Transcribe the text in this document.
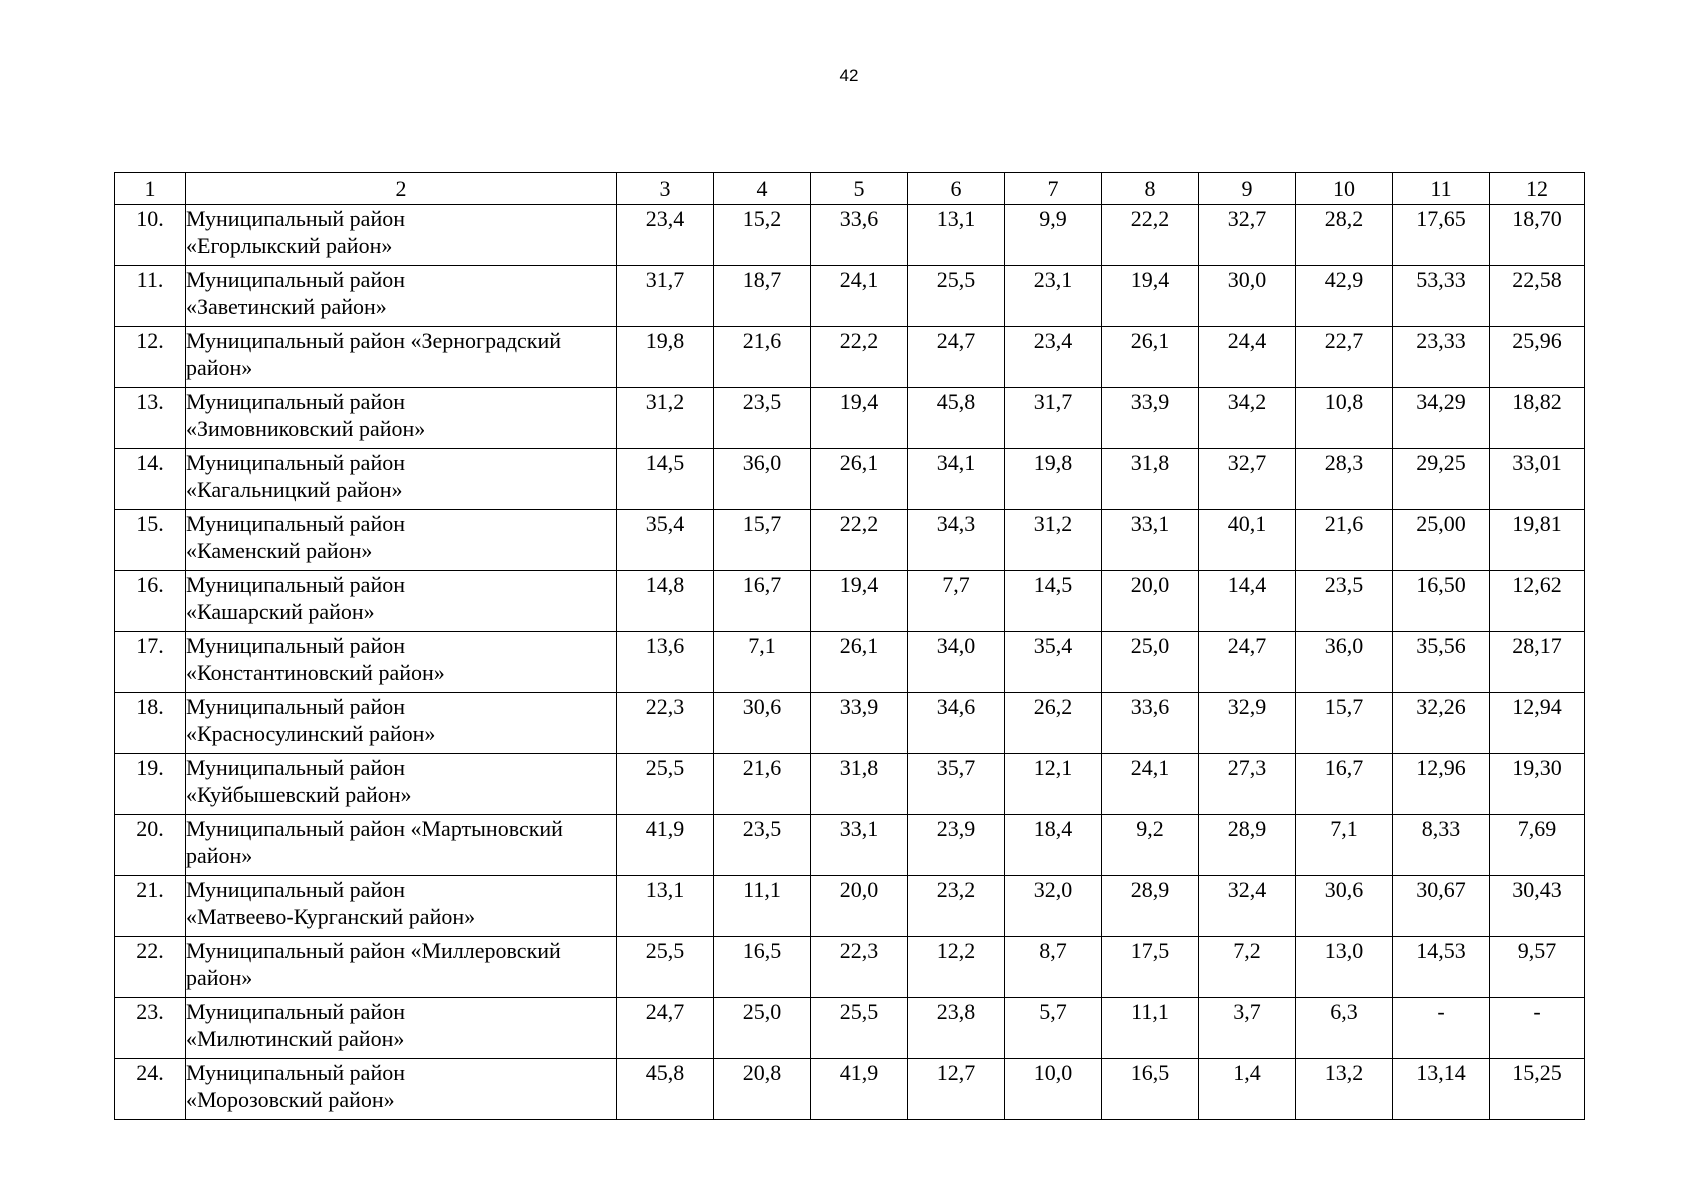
42
1	2	3	4	5	6	7	8	9	10	11	12
10.	Муниципальный район
«Егорлыкский район»	23,4	15,2	33,6	13,1	9,9	22,2	32,7	28,2	17,65	18,70
11.	Муниципальный район
«Заветинский район»	31,7	18,7	24,1	25,5	23,1	19,4	30,0	42,9	53,33	22,58
12.	Муниципальный район «Зерноградский
район»	19,8	21,6	22,2	24,7	23,4	26,1	24,4	22,7	23,33	25,96
13.	Муниципальный район
«Зимовниковский район»	31,2	23,5	19,4	45,8	31,7	33,9	34,2	10,8	34,29	18,82
14.	Муниципальный район
«Кагальницкий район»	14,5	36,0	26,1	34,1	19,8	31,8	32,7	28,3	29,25	33,01
15.	Муниципальный район
«Каменский район»	35,4	15,7	22,2	34,3	31,2	33,1	40,1	21,6	25,00	19,81
16.	Муниципальный район
«Кашарский район»	14,8	16,7	19,4	7,7	14,5	20,0	14,4	23,5	16,50	12,62
17.	Муниципальный район
«Константиновский район»	13,6	7,1	26,1	34,0	35,4	25,0	24,7	36,0	35,56	28,17
18.	Муниципальный район
«Красносулинский район»	22,3	30,6	33,9	34,6	26,2	33,6	32,9	15,7	32,26	12,94
19.	Муниципальный район
«Куйбышевский район»	25,5	21,6	31,8	35,7	12,1	24,1	27,3	16,7	12,96	19,30
20.	Муниципальный район «Мартыновский
район»	41,9	23,5	33,1	23,9	18,4	9,2	28,9	7,1	8,33	7,69
21.	Муниципальный район
«Матвеево-Курганский район»	13,1	11,1	20,0	23,2	32,0	28,9	32,4	30,6	30,67	30,43
22.	Муниципальный район «Миллеровский
район»	25,5	16,5	22,3	12,2	8,7	17,5	7,2	13,0	14,53	9,57
23.	Муниципальный район
«Милютинский район»	24,7	25,0	25,5	23,8	5,7	11,1	3,7	6,3	-	-
24.	Муниципальный район
«Морозовский район»	45,8	20,8	41,9	12,7	10,0	16,5	1,4	13,2	13,14	15,25
